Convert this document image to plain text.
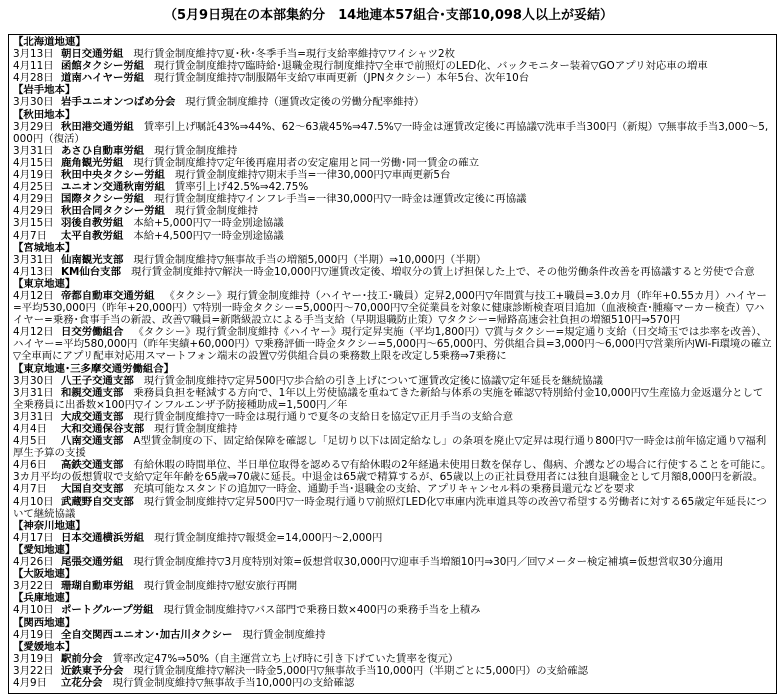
（5月9日現在の本部集約分　14地連本57組合･支部10,098人以上が妥結）
【北海道地連】
3月13日 朝日交通労組 現行賃金制度維持▽夏･秋･冬季手当=現行支給率維持▽ワイシャツ2枚
4月11日 函館タクシー労組 現行賃金制度維持▽臨時給･退職金現行制度維持▽全車で前照灯のLED化、バックモニター装着▽GOアプリ対応車の増車
4月28日 道南ハイヤー労組 現行賃金制度維持▽制服隔年支給▽車両更新（JPNタクシー）本年5台、次年10台
【岩手地本】
3月30日 岩手ユニオンつばめ分会 現行賃金制度維持（運賃改定後の労働分配率維持）
【秋田地本】
3月29日 秋田港交通労組 賃率引上げ嘱託43%⇒44%、62～63歳45%⇒47.5%▽一時金は運賃改定後に再協議▽洗車手当300円（新規）▽無事故手当3,000～5,000円（復活）
3月31日 あさひ自動車労組 現行賃金制度維持
4月15日 鹿角観光労組 現行賃金制度維持▽定年後再雇用者の安定雇用と同一労働･同一賃金の確立
4月19日 秋田中央タクシー労組 現行賃金制度維持▽期末手当=一律30,000円▽車両更新5台
4月25日 ユニオン交通秋南労組 賃率引上げ42.5%⇒42.75%
4月29日 国際タクシー労組 現行賃金制度維持▽インフレ手当=一律30,000円▽一時金は運賃改定後に再協議
4月29日 秋田合同タクシー労組 現行賃金制度維持
3月15日 羽後自教労組 本給+5,000円▽一時金別途協議
4月7日 太平自教労組 本給+4,500円▽一時金別途協議
【宮城地本】
3月31日 仙南観光支部 現行賃金制度維持▽無事故手当の増額5,000円（半期）⇒10,000円（半期）
4月13日 KM仙台支部 現行賃金制度維持▽解決一時金10,000円▽運賃改定後、増収分の賃上げ担保した上で、その他労働条件改善を再協議すると労使で合意
【東京地連】
4月12日 帝都自動車交通労組 《タクシー》現行賃金制度維持（ハイヤー･技工･職員）定昇2,000円▽年間賞与技工+職員=3.0カ月（昨年+0.55カ月）ハイヤー=平均530,000円（昨年+20,000円）▽特別一時金タクシー=5,000円～70,000円▽全従業員を対象に健康診断検査項目追加（血液検査･腫瘍マーカー検査）▽ハイヤー=乗務･食事手当の新設、改善▽職員=新階級設立による手当支給（早期退職防止策）▽タクシー=帰路高速会社負担の増額510円⇒570円
4月12日 日交労働組合 《タクシー》現行賃金制度維持《ハイヤー》現行定昇実施（平均1,800円）▽賞与タクシー=規定通り支給（日交埼玉では歩率を改善）、ハイヤー=平均580,000円（昨年実績+60,000円）▽乗務評価一時金タクシー=5,000円～65,000円、労供組合員=3,000円～6,000円▽営業所内Wi-Fi環境の確立▽全車両にアプリ配車対応用スマートフォン端末の設置▽労供組合員の乗務数上限を改定し5乗務⇒7乗務に
【東京地連･三多摩交通労働組合】
3月30日 八王子交通支部 現行賃金制度維持▽定昇500円▽歩合給の引き上げについて運賃改定後に協議▽定年延長を継続協議
3月31日 和親交通支部 乗務員負担を軽減する方向で、1年以上労使協議を重ねてきた新給与体系の実施を確認▽特別給付金10,000円▽生産協力金返還分として全乗務員に出番数×100円▽インフルエンザ予防接種助成=1,500円／年
3月31日 大成交通支部 現行賃金制度維持▽一時金は現行通りで夏冬の支給日を協定▽正月手当の支給合意
4月4日 大和交通保谷支部 現行賃金制度維持
4月5日 八南交通支部 A型賃金制度の下、固定給保障を確認し「足切り以下は固定給なし」の条項を廃止▽定昇は現行通り800円▽一時金は前年協定通り▽福利厚生予算の支援
4月6日 高鉄交通支部 有給休暇の時間単位、半日単位取得を認める▽有給休暇の2年経過未使用日数を保存し、傷病、介護などの場合に行使することを可能に。3カ月平均の仮想賃収で支給▽定年年齢を65歳⇒70歳に延長。中退金は65歳で精算するが、65歳以上の正社員登用者には独自退職金として月額8,000円を新設。
4月7日 大国自交支部 充填可能なスタンドの追加▽一時金、通勤手当･退職金の支給、アプリキャンセル料の乗務員還元などを要求
4月10日 武蔵野自交支部 現行賃金制度維持▽定昇500円▽一時金現行通り▽前照灯LED化▽車庫内洗車道具等の改善▽希望する労働者に対する65歳定年延長について継続協議
【神奈川地連】
4月17日 日本交通横浜労組 現行賃金制度維持▽報奨金=14,000円～2,000円
【愛知地連】
4月26日 尾張交通労組 現行賃金制度維持▽3月度特別対策=仮想営収30,000円▽迎車手当増額10円⇒30円／回▽メーター検定補填=仮想営収30分適用
【大阪地連】
3月22日 珊瑚自動車労組 現行賃金制度維持▽慰安旅行再開
【兵庫地連】
4月10日 ポートグループ労組 現行賃金制度維持▽バス部門で乗務日数×400円の乗務手当を上積み
【関西地連】
4月19日 全自交関西ユニオン･加古川タクシー 現行賃金制度維持
【愛媛地本】
3月19日 駅前分会 賃率改定47%⇒50%（自主運営立ち上げ時に引き下げていた賃率を復元）
3月22日 近鉄東予分会 現行賃金制度維持▽解決一時金5,000円▽無事故手当10,000円（半期ごとに5,000円）の支給確認
4月9日 立花分会 現行賃金制度維持▽無事故手当10,000円の支給確認
